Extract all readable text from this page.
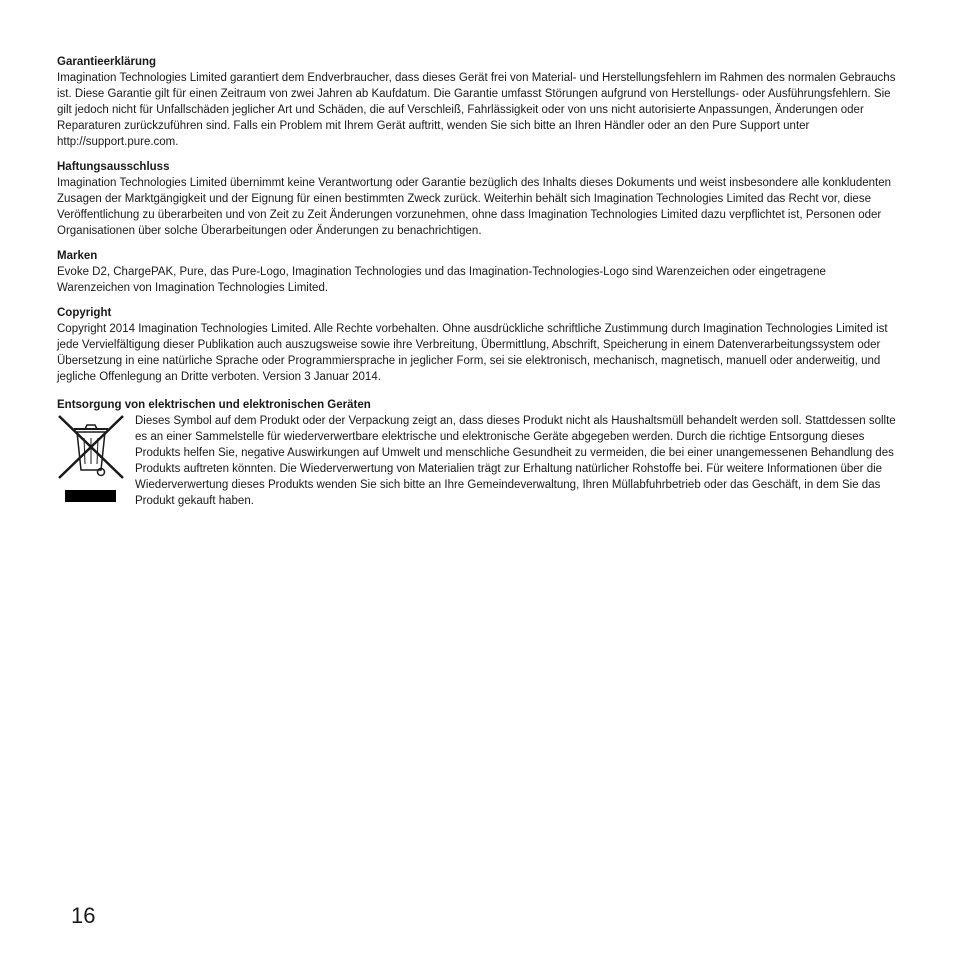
Garantieerklärung
Imagination Technologies Limited garantiert dem Endverbraucher, dass dieses Gerät frei von Material- und Herstellungsfehlern im Rahmen des normalen Gebrauchs ist. Diese Garantie gilt für einen Zeitraum von zwei Jahren ab Kaufdatum. Die Garantie umfasst Störungen aufgrund von Herstellungs- oder Ausführungsfehlern. Sie gilt jedoch nicht für Unfallschäden jeglicher Art und Schäden, die auf Verschleiß, Fahrlässigkeit oder von uns nicht autorisierte Anpassungen, Änderungen oder Reparaturen zurückzuführen sind. Falls ein Problem mit Ihrem Gerät auftritt, wenden Sie sich bitte an Ihren Händler oder an den Pure Support unter http://support.pure.com.
Haftungsausschluss
Imagination Technologies Limited übernimmt keine Verantwortung oder Garantie bezüglich des Inhalts dieses Dokuments und weist insbesondere alle konkludenten Zusagen der Marktgängigkeit und der Eignung für einen bestimmten Zweck zurück. Weiterhin behält sich Imagination Technologies Limited das Recht vor, diese Veröffentlichung zu überarbeiten und von Zeit zu Zeit Änderungen vorzunehmen, ohne dass Imagination Technologies Limited dazu verpflichtet ist, Personen oder Organisationen über solche Überarbeitungen oder Änderungen zu benachrichtigen.
Marken
Evoke D2, ChargePAK, Pure, das Pure-Logo, Imagination Technologies und das Imagination-Technologies-Logo sind Warenzeichen oder eingetragene Warenzeichen von Imagination Technologies Limited.
Copyright
Copyright 2014 Imagination Technologies Limited. Alle Rechte vorbehalten. Ohne ausdrückliche schriftliche Zustimmung durch Imagination Technologies Limited ist jede Vervielfältigung dieser Publikation auch auszugsweise sowie ihre Verbreitung, Übermittlung, Abschrift, Speicherung in einem Datenverarbeitungssystem oder Übersetzung in eine natürliche Sprache oder Programmiersprache in jeglicher Form, sei sie elektronisch, mechanisch, magnetisch, manuell oder anderweitig, und jegliche Offenlegung an Dritte verboten. Version 3 Januar 2014.
Entsorgung von elektrischen und elektronischen Geräten
Dieses Symbol auf dem Produkt oder der Verpackung zeigt an, dass dieses Produkt nicht als Haushaltsmüll behandelt werden soll. Stattdessen sollte es an einer Sammelstelle für wiederverwertbare elektrische und elektronische Geräte abgegeben werden. Durch die richtige Entsorgung dieses Produkts helfen Sie, negative Auswirkungen auf Umwelt und menschliche Gesundheit zu vermeiden, die bei einer unangemessenen Behandlung des Produkts auftreten könnten. Die Wiederverwertung von Materialien trägt zur Erhaltung natürlicher Rohstoffe bei. Für weitere Informationen über die Wiederverwertung dieses Produkts wenden Sie sich bitte an Ihre Gemeindeverwaltung, Ihren Müllabfuhrbetrieb oder das Geschäft, in dem Sie das Produkt gekauft haben.
16
